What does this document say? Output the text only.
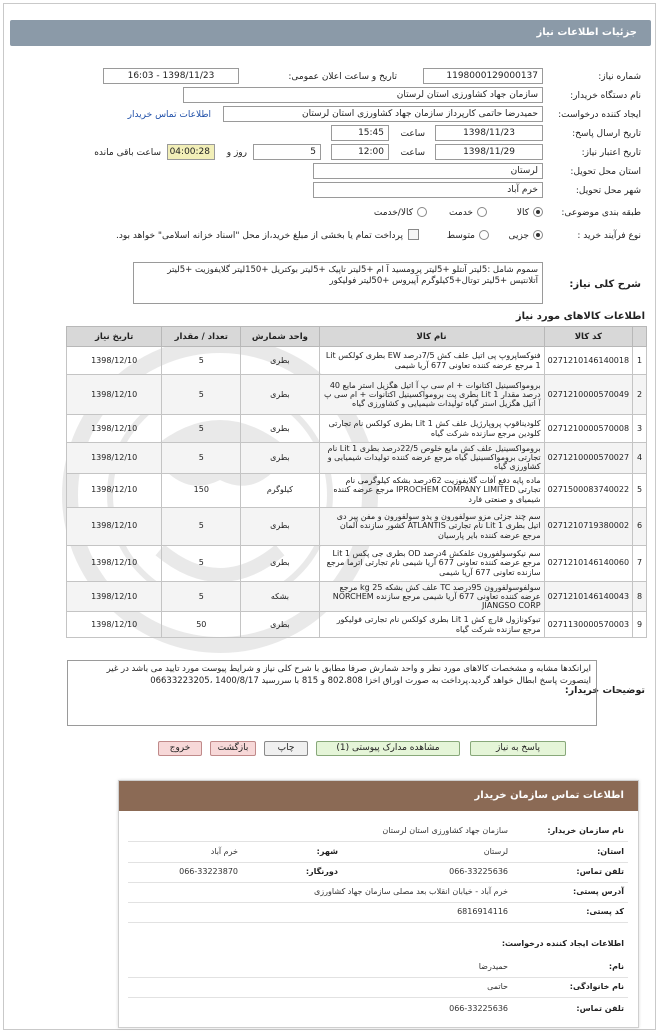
جزئیات اطلاعات نیاز
شماره نیاز:
1198000129000137
تاریخ و ساعت اعلان عمومی:
1398/11/23 - 16:03
نام دستگاه خریدار:
سازمان جهاد کشاورزی استان لرستان
ایجاد کننده درخواست:
حمیدرضا حاتمی کارپرداز سازمان جهاد کشاورزی استان لرستان
اطلاعات تماس خریدار
تاریخ ارسال پاسخ:
1398/11/23
ساعت
15:45
تاریخ اعتبار نیاز:
1398/11/29
ساعت
12:00
5
روز و
04:00:28
ساعت باقی مانده
استان محل تحویل:
لرستان
شهر محل تحویل:
خرم آباد
طبقه بندی موضوعی:
کالا
خدمت
کالا/خدمت
نوع فرآیند خرید :
جزیی
متوسط
پرداخت تمام یا بخشی از مبلغ خرید،از محل "اسناد خزانه اسلامی" خواهد بود.
شرح کلی نیاز:
سموم شامل :5لیتر آنتلو +5لیتر پرومسید آ ام +5لیتر تاپیک +5لیتر بوکتریل +150لیتر گلایفوزیت +5لیتر آتلانتیس +5لیتر توتال+5کیلوگرم آپیروس +50لیتر فولیکور
اطلاعات کالاهای مورد نیاز
	کد کالا	نام کالا	واحد شمارش	تعداد / مقدار	تاریخ نیاز
1	0271210146140018	فنوکساپروپ پی اتیل علف کش 7/5درصد EW بطری کولکس Lit 1 مرجع عرضه کننده تعاونی 677 آریا شیمی	بطری	5	1398/12/10
2	0271210000570049	برومواکسینیل اکتانوات + ام سی پ آ اتیل هگزیل استر مایع 40 درصد مقدار 1 Lit بطری پت برومواکسینیل اکتانوات + ام سی پ آ اتیل هگزیل استر گیاه تولیدات شیمیایی و کشاورزی گیاه	بطری	5	1398/12/10
3	0271210000570008	کلودیناقوپ پروپارژیل علف کش 1 Lit بطری کولکس نام تجارتی کلودین مرجع سازنده شرکت گیاه	بطری	5	1398/12/10
4	0271210000570027	برومواکسینیل علف کش مایع خلوص 22/5درصد بطری 1 Lit نام تجارتی برومواکسینیل گیاه مرجع عرضه کننده تولیدات شیمیایی و کشاورزی گیاه	بطری	5	1398/12/10
5	0271500083740022	ماده پایه دفع آفات گلایفوزیت 62درصد بشکه کیلوگرمی نام تجارتی IPROCHEM COMPANY LIMITED مرجع عرضه کننده شیمیای و صنعتی فارد	کیلوگرم	150	1398/12/10
6	0271210719380002	سم چند جزئی مزو سولفورون و یدو سولفورون و مفن پیر دی اتیل بطری 1 Lit نام تجارتی ATLANTIS کشور سازنده آلمان مرجع عرضه کننده بایر پارسیان	بطری	5	1398/12/10
7	0271210146140060	سم نیکوسولفورون علفکش 4درصد OD بطری جی پکس 1 Lit مرجع عرضه کننده تعاونی 677 آریا شیمی نام تجارتی اترما مرجع سازنده تعاونی 677 آریا شیمی	بطری	5	1398/12/10
8	0271210146140043	سولفوسولفورون 95درصد TC علف کش بشکه 25 kg مرجع عرضه کننده تعاونی 677 آریا شیمی مرجع سازنده NORCHEM JIANGSO CORP	بشکه	5	1398/12/10
9	0271130000570003	تبوکونازول قارچ کش 1 Lit بطری کولکس نام تجارتی فولیکور مرجع سازنده شرکت گیاه	بطری	50	1398/12/10
توضیحات خریدار:
ایرانکدها مشابه و مشخصات کالاهای مورد نظر و واحد شمارش صرفا مطابق با شرح کلی نیاز و شرایط پیوست مورد تایید می باشد در غیر اینصورت پاسخ ابطال خواهد گردید.پرداخت به صورت اوراق اخزا 802،808 و 815 با سررسید 1400/8/17 ،06633223205
پاسخ به نیاز
مشاهده مدارک پیوستی (1)
چاپ
بازگشت
خروج
اطلاعات تماس سازمان خریدار
نام سازمان خریدار:
سازمان جهاد کشاورزی استان لرستان
استان:
لرستان
شهر:
خرم آباد
تلفن تماس:
066-33225636
دورنگار:
066-33223870
آدرس پستی:
خرم آباد - خیابان انقلاب بعد مصلی سازمان جهاد کشاورزی
کد پستی:
6816914116
اطلاعات ایجاد کننده درخواست:
نام:
حمیدرضا
نام خانوادگی:
حاتمی
تلفن تماس:
066-33225636
